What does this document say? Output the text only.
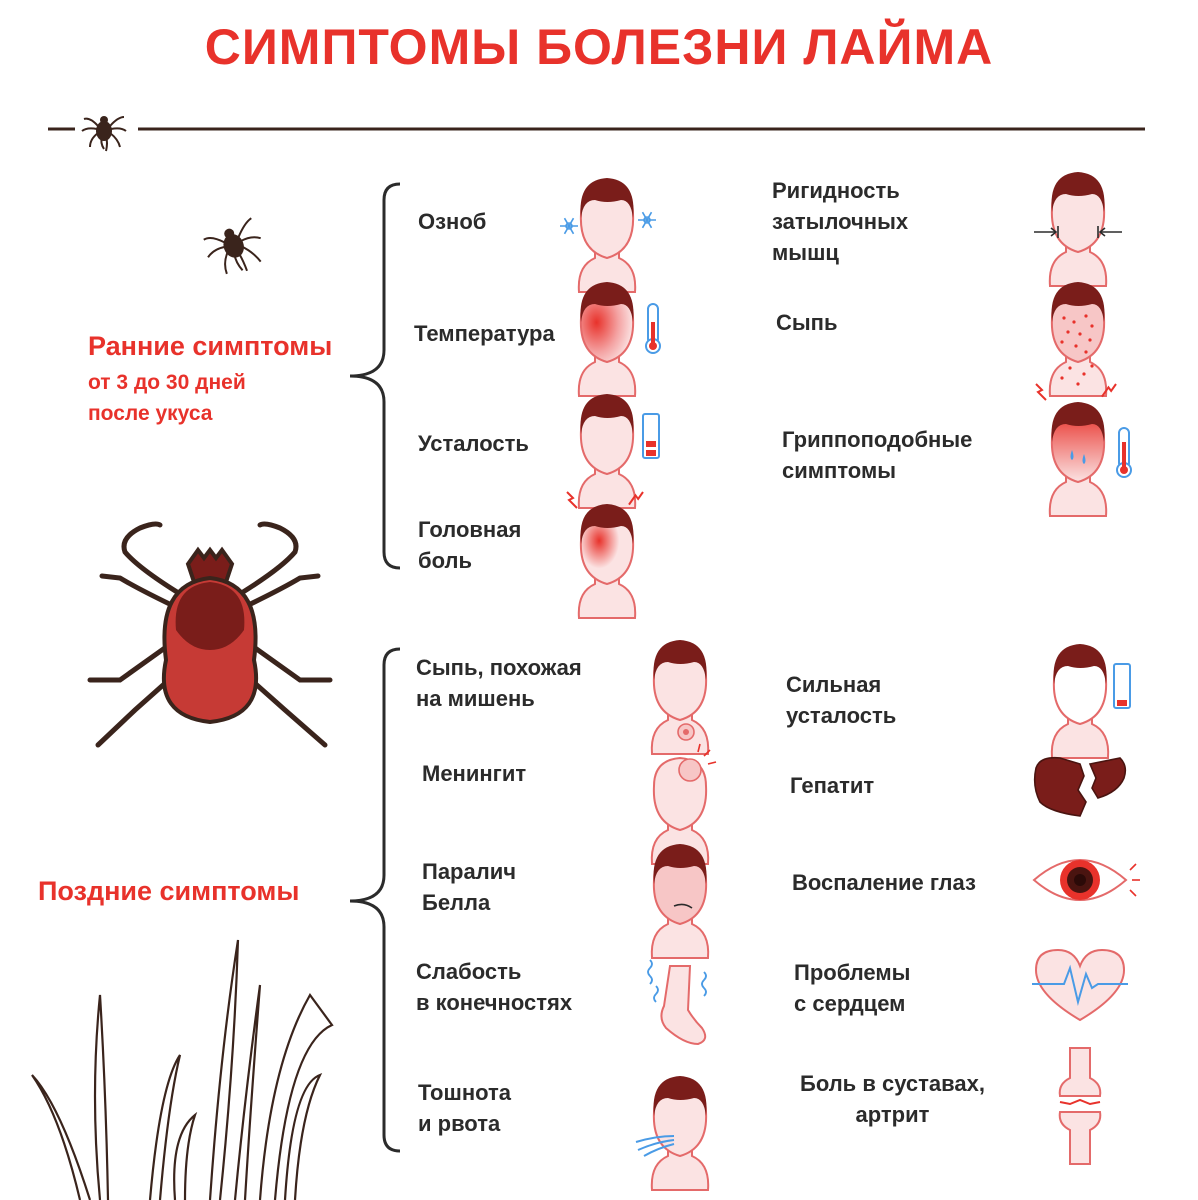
СИМПТОМЫ БОЛЕЗНИ ЛАЙМА
Ранние симптомы
от 3 до 30 дней
после укуса
Поздние симптомы
Озноб
Температура
Усталость
Головная
боль
Ригидность
затылочных
мышц
Сыпь
Гриппоподобные
симптомы
Сыпь, похожая
на мишень
Менингит
Паралич
Белла
Слабость
в конечностях
Тошнота
и рвота
Сильная
усталость
Гепатит
Воспаление глаз
Проблемы
с сердцем
Боль в суставах,
артрит
